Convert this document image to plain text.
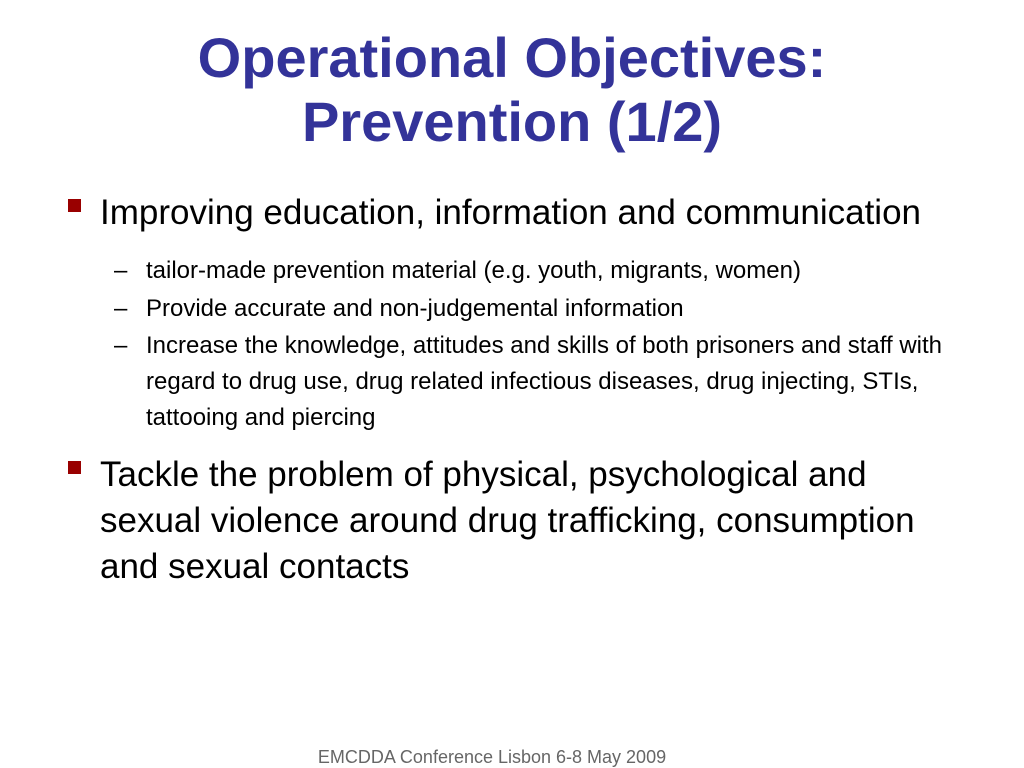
Operational Objectives:
Prevention (1/2)
Improving education, information and communication
– tailor-made prevention material (e.g. youth, migrants, women)
– Provide accurate and non-judgemental information
– Increase the knowledge, attitudes and skills of both prisoners and staff with regard to drug use, drug related infectious diseases, drug injecting, STIs, tattooing and piercing
Tackle the problem of physical, psychological and sexual violence around drug trafficking, consumption and sexual contacts
EMCDDA Conference Lisbon 6-8 May 2009
